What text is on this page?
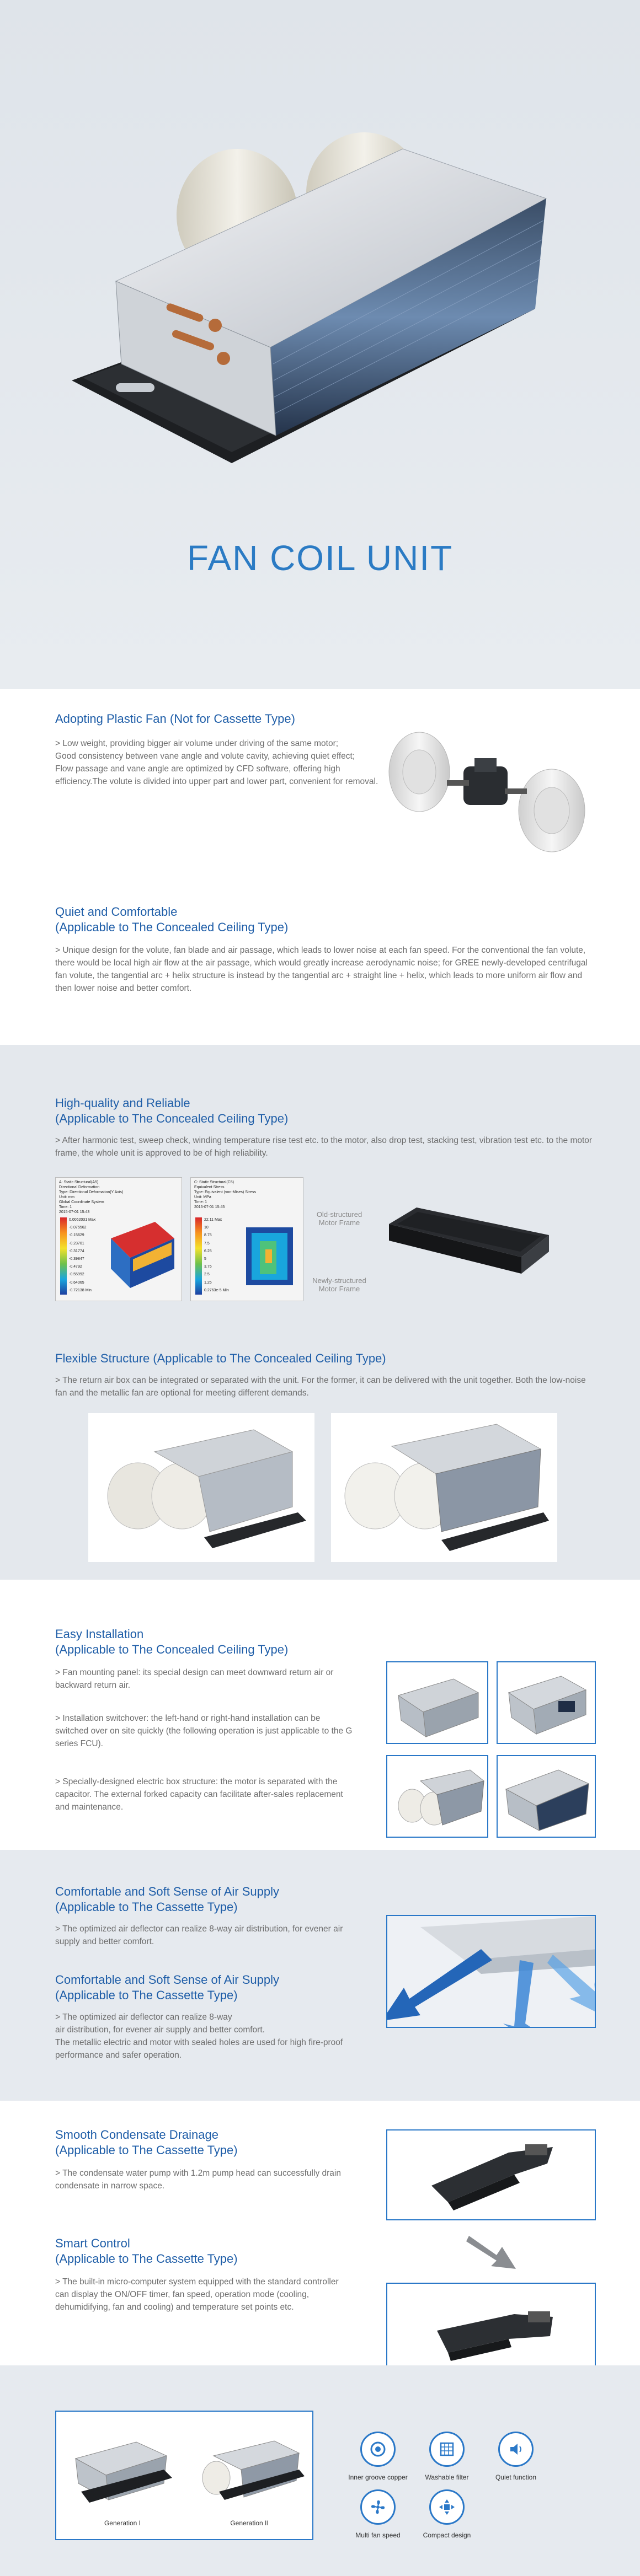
FAN COIL UNIT
Adopting Plastic Fan (Not for Cassette Type)
> Low weight, providing bigger air volume under driving of the same motor;
Good consistency between vane angle and volute cavity, achieving quiet effect;
Flow passage and vane angle are optimized by CFD software, offering high efficiency.The volute is divided into upper part and lower part, convenient for removal.
Quiet and Comfortable
(Applicable to The Concealed Ceiling Type)
> Unique design for the volute, fan blade and air passage, which leads to lower noise at each fan speed. For the conventional the fan volute, there would be local high air flow at the air passage, which would greatly increase aerodynamic noise; for GREE newly-developed centrifugal fan volute, the tangential arc + helix structure is instead by the tangential arc + straight line + helix, which leads to more uniform air flow and then lower noise and better comfort.
High-quality and Reliable
(Applicable to The Concealed Ceiling Type)
> After harmonic test, sweep check, winding temperature rise test etc. to the motor, also drop test, stacking test, vibration test etc. to the motor frame, the whole unit is approved to be of high reliability.
A: Static Structural(A5)
Directional Deformation
Type: Directional Deformation(Y Axis)
Unit: mm
Global Coordinate System
Time: 1
2015-07-01 15:43
0.0062031 Max
-0.075562
-0.15629
-0.23701
-0.31774
-0.39847
-0.4792
-0.55992
-0.64065
-0.72138 Min
C: Static Structural(C5)
Equivalent Stress
Type: Equivalent (von-Mises) Stress
Unit: MPa
Time: 1
2015-07-01 15:45
22.11 Max
10
8.75
7.5
6.25
5
3.75
2.5
1.25
0.2763e-5 Min
Old-structured
Motor Frame
Newly-structured
Motor Frame
Flexible Structure (Applicable to The Concealed Ceiling Type)
> The return air box can be integrated or separated with the unit. For the former, it can be delivered with the unit together. Both the low-noise fan and the metallic fan are optional for meeting different demands.
Easy Installation
(Applicable to The Concealed Ceiling Type)
> Fan mounting panel: its special design can meet downward return air or backward return air.
> Installation switchover: the left-hand or right-hand installation can be switched over on site quickly (the following operation is just applicable to the G series FCU).
> Specially-designed electric box structure: the motor is separated with the capacitor. The external forked capacity can facilitate after-sales replacement and maintenance.
Comfortable and Soft Sense of Air Supply
(Applicable to The Cassette Type)
> The optimized air deflector can realize 8-way air distribution, for evener air supply and better comfort.
Comfortable and Soft Sense of Air Supply
(Applicable to The Cassette Type)
> The optimized air deflector can realize 8-way
air distribution, for evener air supply and better comfort.
The metallic electric and motor with sealed holes are used for high fire-proof performance and safer operation.
Smooth Condensate Drainage
(Applicable to The Cassette Type)
> The condensate water pump with 1.2m pump head can successfully drain condensate in narrow space.
Smart Control
(Applicable to The Cassette Type)
> The built-in micro-computer system equipped with the standard controller can display the ON/OFF timer, fan speed, operation mode (cooling, dehumidifying, fan and cooling) and temperature set points etc.
Generation I	Generation II
Inner groove copper	Washable filter	Quiet function
Multi fan speed	Compact design
